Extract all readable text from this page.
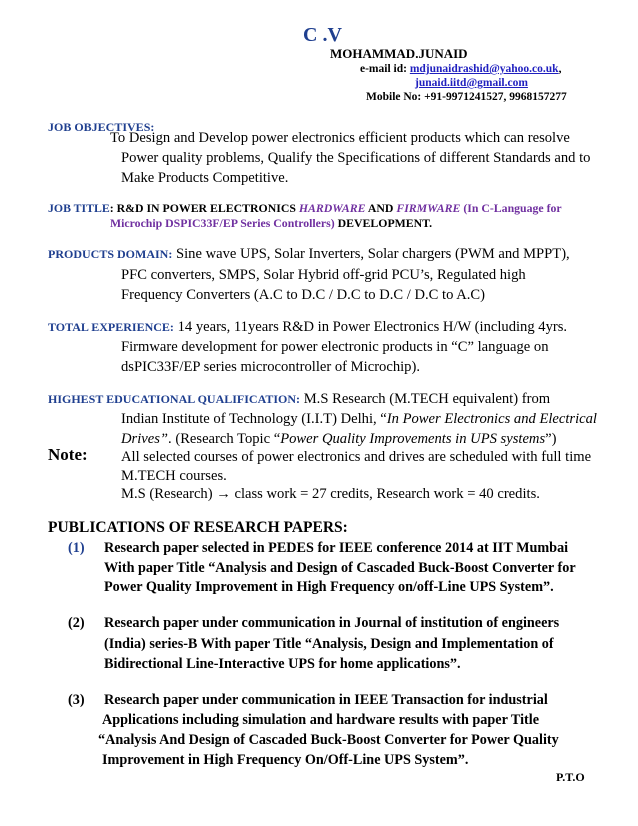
C .V
MOHAMMAD.JUNAID
e-mail id: mdjunaidrashid@yahoo.co.uk,
junaid.iitd@gmail.com
Mobile No: +91-9971241527, 9968157277
JOB OBJECTIVES:
To Design and Develop power electronics efficient products which can resolve
Power quality problems, Qualify the Specifications of different Standards and to
Make Products Competitive.
JOB TITLE: R&D IN POWER ELECTRONICS HARDWARE AND FIRMWARE (In C-Language for
Microchip DSPIC33F/EP Series Controllers) DEVELOPMENT.
PRODUCTS DOMAIN: Sine wave UPS, Solar Inverters, Solar chargers (PWM and MPPT),
PFC converters, SMPS, Solar Hybrid off-grid PCU’s, Regulated high
Frequency Converters (A.C to D.C / D.C to D.C / D.C to A.C)
TOTAL EXPERIENCE: 14 years, 11years R&D in Power Electronics H/W (including 4yrs.
Firmware development for power electronic products in “C” language on
dsPIC33F/EP series microcontroller of Microchip).
HIGHEST EDUCATIONAL QUALIFICATION: M.S Research (M.TECH equivalent) from
Indian Institute of Technology (I.I.T) Delhi, “In Power Electronics and Electrical
Drives”. (Research Topic “Power Quality Improvements in UPS systems”)
Note: All selected courses of power electronics and drives are scheduled with full time
M.TECH courses.
M.S (Research) → class work = 27 credits, Research work = 40 credits.
PUBLICATIONS OF RESEARCH PAPERS:
(1) Research paper selected in PEDES for IEEE conference 2014 at IIT Mumbai
With paper Title “Analysis and Design of Cascaded Buck-Boost Converter for
Power Quality Improvement in High Frequency on/off-Line UPS System”.
(2) Research paper under communication in Journal of institution of engineers
(India) series-B With paper Title “Analysis, Design and Implementation of
Bidirectional Line-Interactive UPS for home applications”.
(3) Research paper under communication in IEEE Transaction for industrial
Applications including simulation and hardware results with paper Title
“Analysis And Design of Cascaded Buck-Boost Converter for Power Quality
Improvement in High Frequency On/Off-Line UPS System”.
P.T.O
